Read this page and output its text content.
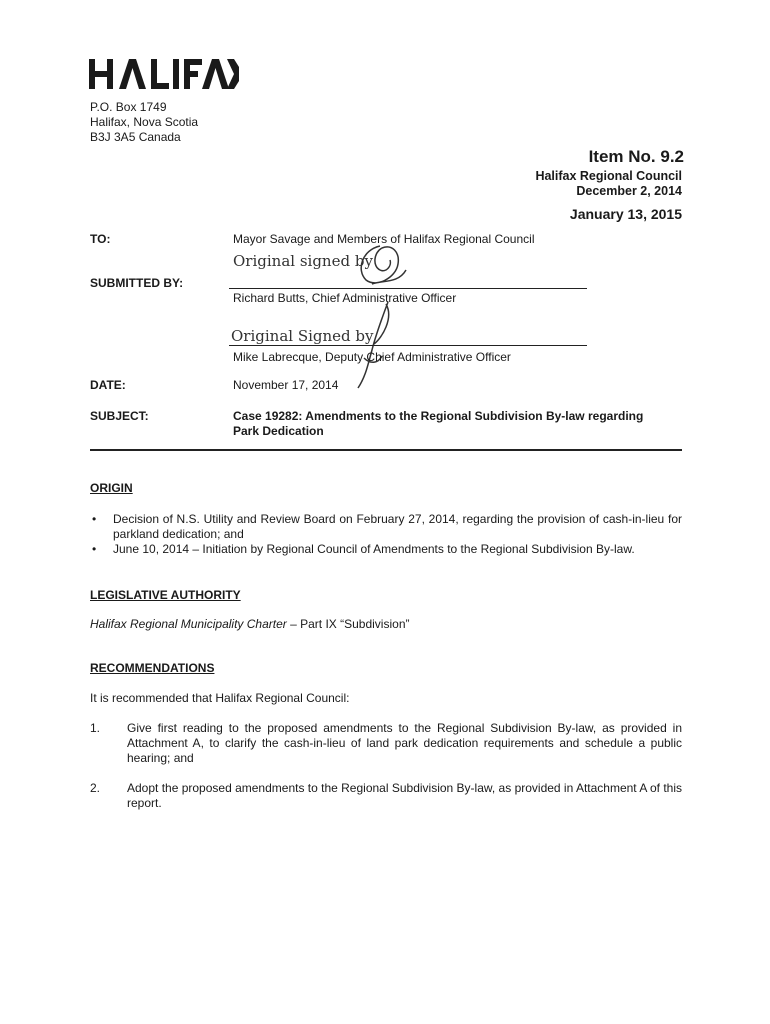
P.O. Box 1749
Halifax, Nova Scotia
B3J 3A5 Canada
Item No. 9.2
Halifax Regional Council
December 2, 2014
January 13, 2015
TO:	Mayor Savage and Members of Halifax Regional Council
Original signed by
SUBMITTED BY:
Richard Butts, Chief Administrative Officer
Original Signed by
Mike Labrecque, Deputy Chief Administrative Officer
DATE:	November 17, 2014
SUBJECT:	Case 19282: Amendments to the Regional Subdivision By-law regarding
Park Dedication
ORIGIN
• Decision of N.S. Utility and Review Board on February 27, 2014, regarding the provision of cash-in-lieu for parkland dedication; and
• June 10, 2014 – Initiation by Regional Council of Amendments to the Regional Subdivision By-law.
LEGISLATIVE AUTHORITY
Halifax Regional Municipality Charter – Part IX “Subdivision”
RECOMMENDATIONS
It is recommended that Halifax Regional Council:
1. Give first reading to the proposed amendments to the Regional Subdivision By-law, as provided in Attachment A, to clarify the cash-in-lieu of land park dedication requirements and schedule a public hearing; and
2. Adopt the proposed amendments to the Regional Subdivision By-law, as provided in Attachment A of this report.
